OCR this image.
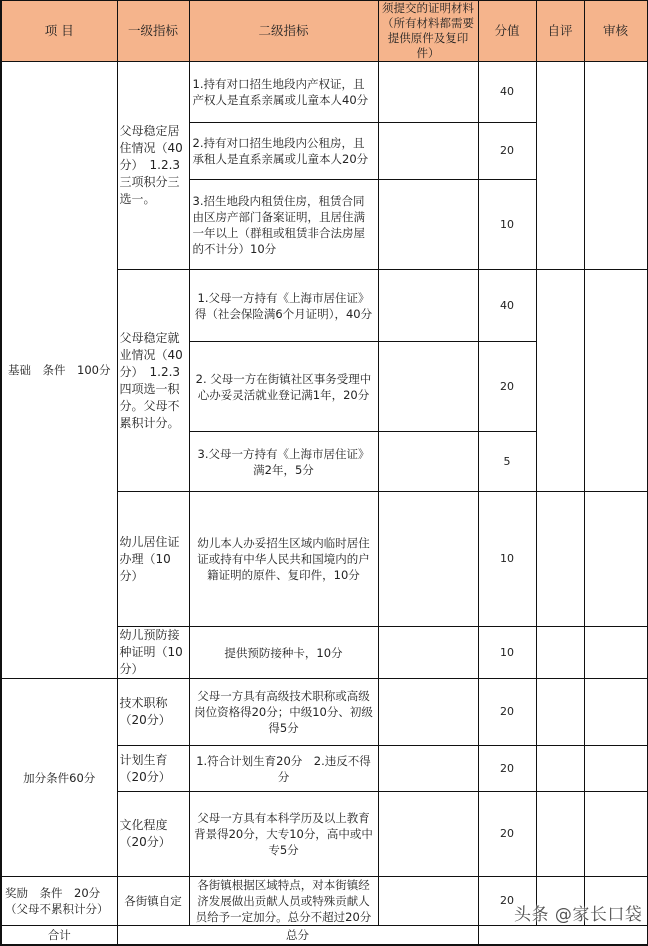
项 目	一级指标	二级指标	须提交的证明材料（所有材料都需要提供原件及复印件）	分值	自评	审核
基础　条件　100分	父母稳定居住情况（40分）　1.2.3三项积分三选一。	1.持有对口招生地段内产权证，且产权人是直系亲属或儿童本人40分		40		
		2.持有对口招生地段内公租房，且承租人是直系亲属或儿童本人20分		20		
		3.招生地段内租赁住房，租赁合同由区房产部门备案证明，且居住满一年以上（群租或租赁非合法房屋的不计分）10分		10		
	父母稳定就业情况（40分）　1.2.3四项选一积分。父母不累积计分。	1.父母一方持有《上海市居住证》得（社会保险满6个月证明），40分		40		
		2. 父母一方在街镇社区事务受理中心办妥灵活就业登记满1年，20分		20		
		3.父母一方持有《上海市居住证》满2年，5分		5		
	幼儿居住证办理（10分）	幼儿本人办妥招生区域内临时居住证或持有中华人民共和国境内的户籍证明的原件、复印件，10分		10		
	幼儿预防接种证明（10分）	提供预防接种卡，10分		10		
加分条件60分	技术职称（20分）	父母一方具有高级技术职称或高级岗位资格得20分；中级10分、初级得5分		20		
	计划生育（20分）	1.符合计划生育20分　2.违反不得分		20		
	文化程度（20分）	父母一方具有本科学历及以上教育背景得20分，大专10分，高中或中专5分		20		
奖励　条件　20分（父母不累积计分）	各街镇自定	各街镇根据区域特点，对本街镇经济发展做出贡献人员或特殊贡献人员给予一定加分。总分不超过20分		20		
合计	总分					
头条 @家长口袋
